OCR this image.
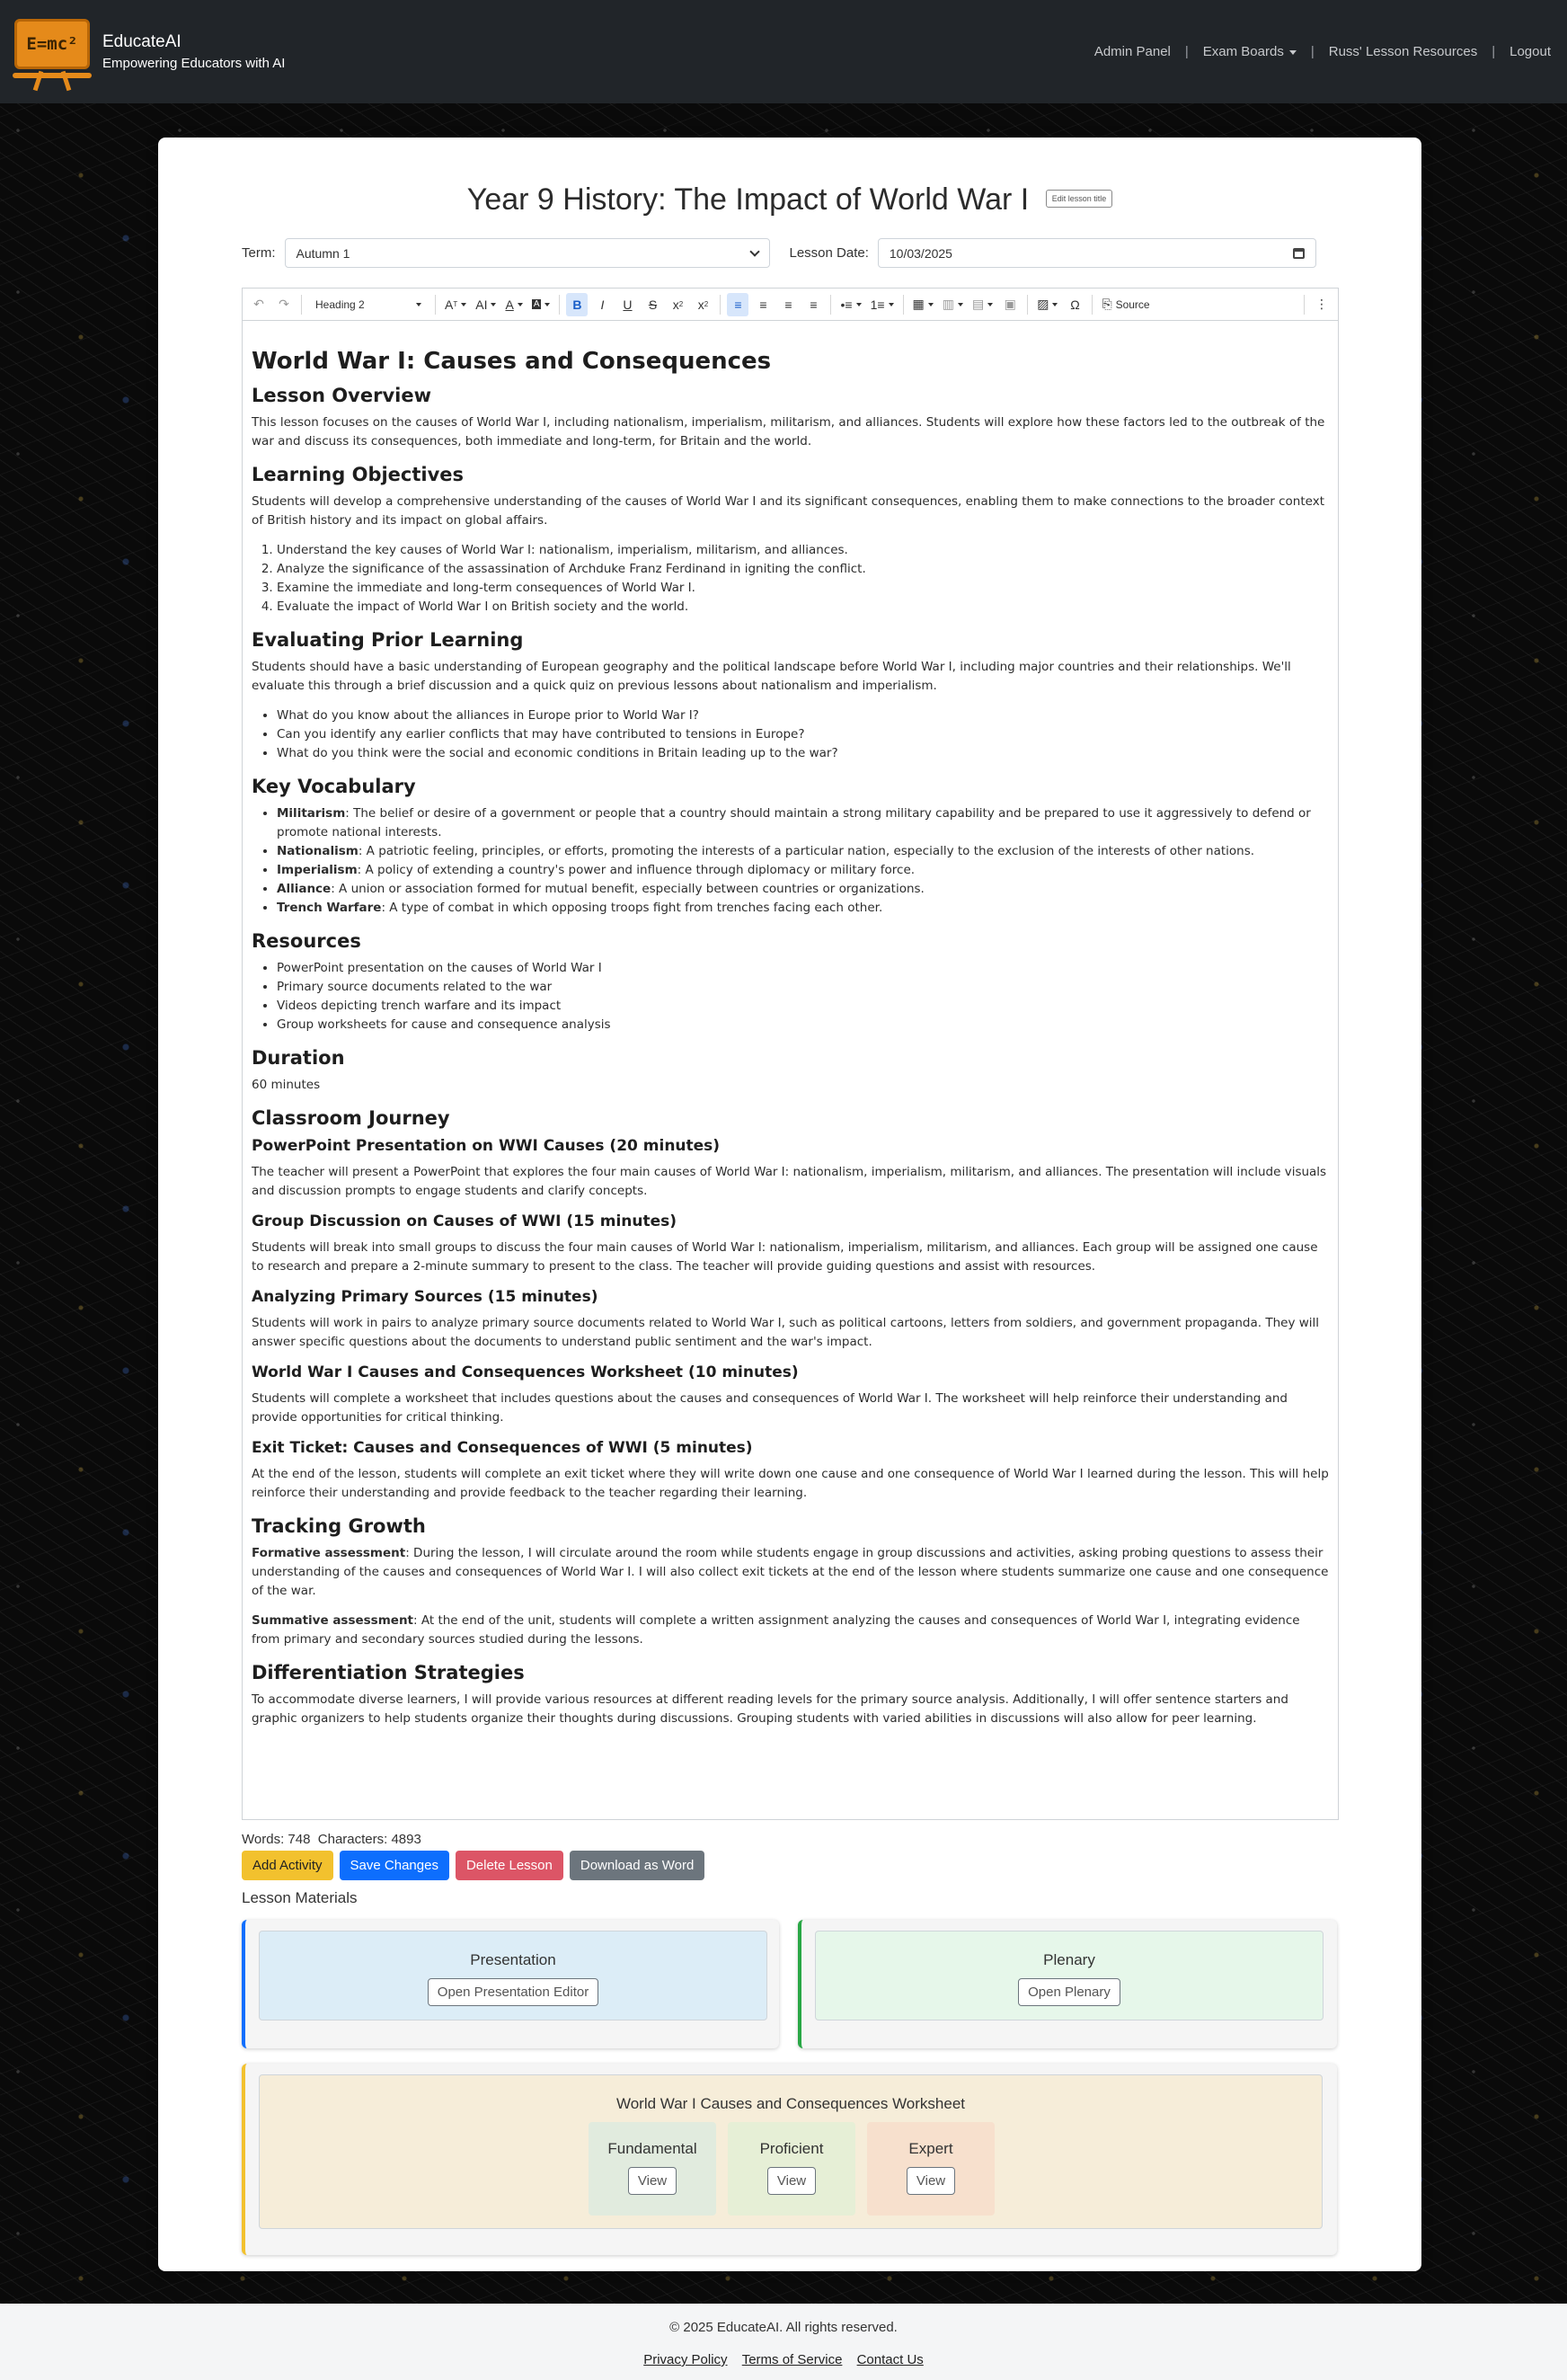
E=mc²	EducateAI
Empowering Educators with AI
Admin Panel	|	Exam Boards	|	Russ' Lesson Resources	|	Logout
Year 9 History: The Impact of World War I	Edit lesson title
Term: Autumn 1	Lesson Date: 10/03/2025
↶	↷	Heading 2	A T AI	A A	B I U S	x 2	x 2	≡	≡	≡	≡	•≡	1≡	▦	▥	▤	▣	▨	Ω	⎘
Source	⋮
World War I: Causes and Consequences
Lesson Overview

This lesson focuses on the causes of World War I, including nationalism, imperialism, militarism, and alliances. Students will explore how these factors led to the outbreak of the war and discuss its consequences, both immediate and long-term, for Britain and the world.

Learning Objectives

Students will develop a comprehensive understanding of the causes of World War I and its significant consequences, enabling them to make connections to the broader context of British history and its impact on global affairs.

1. Understand the key causes of World War I: nationalism, imperialism, militarism, and alliances.
2. Analyze the significance of the assassination of Archduke Franz Ferdinand in igniting the conflict.
3. Examine the immediate and long-term consequences of World War I.
4. Evaluate the impact of World War I on British society and the world.
Evaluating Prior Learning

Students should have a basic understanding of European geography and the political landscape before World War I, including major countries and their relationships. We'll evaluate this through a brief discussion and a quick quiz on previous lessons about nationalism and imperialism.

• What do you know about the alliances in Europe prior to World War I?
• Can you identify any earlier conflicts that may have contributed to tensions in Europe?
• What do you think were the social and economic conditions in Britain leading up to the war?
Key Vocabulary
• Militarism: The belief or desire of a government or people that a country should maintain a strong military capability and be prepared to use it aggressively to defend or promote national interests.
• Nationalism: A patriotic feeling, principles, or efforts, promoting the interests of a particular nation, especially to the exclusion of the interests of other nations.
• Imperialism: A policy of extending a country's power and influence through diplomacy or military force.
• Alliance: A union or association formed for mutual benefit, especially between countries or organizations.
• Trench Warfare: A type of combat in which opposing troops fight from trenches facing each other.
Resources
• PowerPoint presentation on the causes of World War I
• Primary source documents related to the war
• Videos depicting trench warfare and its impact
• Group worksheets for cause and consequence analysis
Duration

60 minutes

Classroom Journey
PowerPoint Presentation on WWI Causes (20 minutes)

The teacher will present a PowerPoint that explores the four main causes of World War I: nationalism, imperialism, militarism, and alliances. The presentation will include visuals and discussion prompts to engage students and clarify concepts.

Group Discussion on Causes of WWI (15 minutes)

Students will break into small groups to discuss the four main causes of World War I: nationalism, imperialism, militarism, and alliances. Each group will be assigned one cause to research and prepare a 2-minute summary to present to the class. The teacher will provide guiding questions and assist with resources.

Analyzing Primary Sources (15 minutes)

Students will work in pairs to analyze primary source documents related to World War I, such as political cartoons, letters from soldiers, and government propaganda. They will answer specific questions about the documents to understand public sentiment and the war's impact.

World War I Causes and Consequences Worksheet (10 minutes)

Students will complete a worksheet that includes questions about the causes and consequences of World War I. The worksheet will help reinforce their understanding and provide opportunities for critical thinking.

Exit Ticket: Causes and Consequences of WWI (5 minutes)

At the end of the lesson, students will complete an exit ticket where they will write down one cause and one consequence of World War I learned during the lesson. This will help reinforce their understanding and provide feedback to the teacher regarding their learning.

Tracking Growth

Formative assessment: During the lesson, I will circulate around the room while students engage in group discussions and activities, asking probing questions to assess their understanding of the causes and consequences of World War I. I will also collect exit tickets at the end of the lesson where students summarize one cause and one consequence of the war.

Summative assessment: At the end of the unit, students will complete a written assignment analyzing the causes and consequences of World War I, integrating evidence from primary and secondary sources studied during the lessons.

Differentiation Strategies

To accommodate diverse learners, I will provide various resources at different reading levels for the primary source analysis. Additionally, I will offer sentence starters and graphic organizers to help students organize their thoughts during discussions. Grouping students with varied abilities in discussions will also allow for peer learning.

Words: 748  Characters: 4893
Add Activity	Save Changes	Delete Lesson	Download as Word
Lesson Materials
Presentation
Open Presentation Editor
Plenary
Open Plenary
World War I Causes and Consequences Worksheet
Fundamental
View
Proficient
View
Expert
View
© 2025 EducateAI. All rights reserved.
Privacy Policy Terms of Service Contact Us
